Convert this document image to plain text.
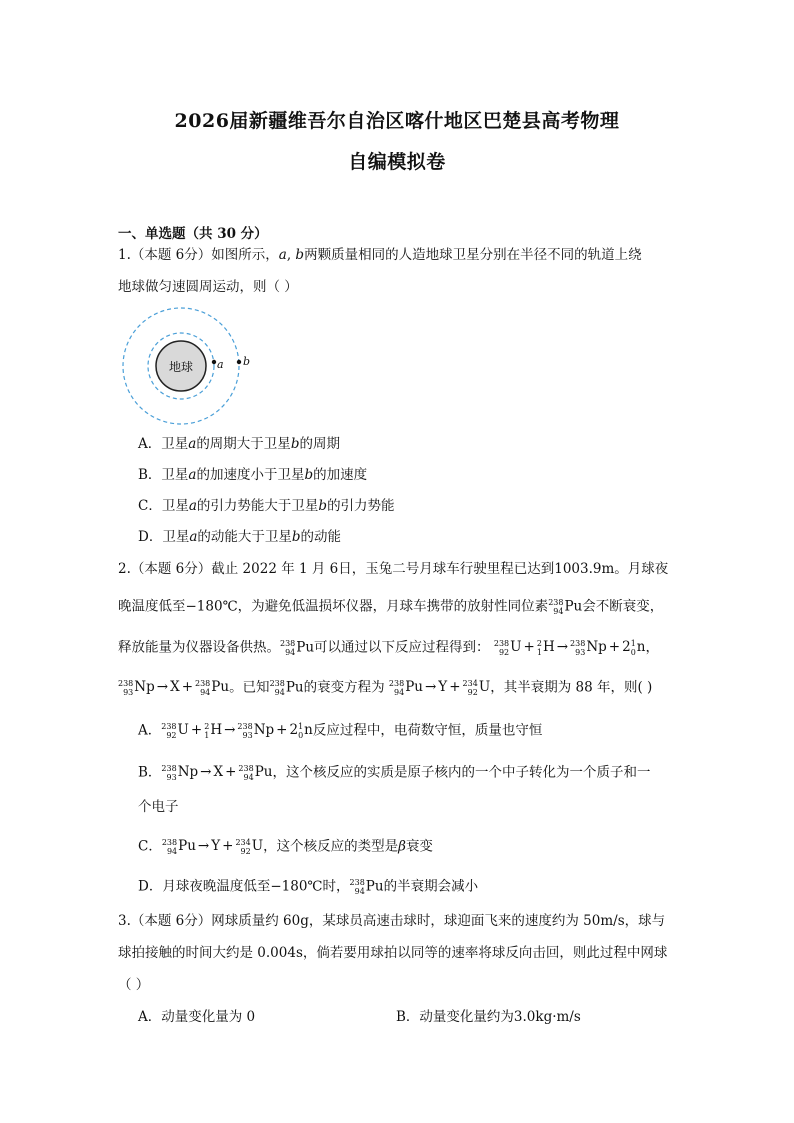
2026届新疆维吾尔自治区喀什地区巴楚县高考物理
自编模拟卷
一、单选题（共 30 分）
1.（本题 6分）如图所示，a, b两颗质量相同的人造地球卫星分别在半径不同的轨道上绕
地球做匀速圆周运动，则（ ）
地球 a b
A．卫星a的周期大于卫星b的周期
B．卫星a的加速度小于卫星b的加速度
C．卫星a的引力势能大于卫星b的引力势能
D．卫星a的动能大于卫星b的动能
2.（本题 6分）截止 2022 年 1 月 6日，玉兔二号月球车行驶里程已达到1003.9m。月球夜
晚温度低至−180℃，为避免低温损坏仪器，月球车携带的放射性同位素 238
94 Pu会不断衰变，
释放能量为仪器设备供热。 238
94 Pu可以通过以下反应过程得到： 238
92 U + 2
1 H → 238
93 Np + 2 1
0 n ，
238
93 Np → X + 238
94 Pu 。已知 238
94 Pu的衰变方程为 238
94 Pu → Y + 234
92 U ，其半衰期为 88 年，则( )
A． 238
92 U + 2
1 H → 238
93 Np + 2 1
0 n 反应过程中，电荷数守恒，质量也守恒
B． 238
93 Np → X + 238
94 Pu ，这个核反应的实质是原子核内的一个中子转化为一个质子和一
个电子
C． 238
94 Pu → Y + 234
92 U ，这个核反应的类型是β衰变
D．月球夜晚温度低至−180℃时， 238
94 Pu的半衰期会减小
3.（本题 6分）网球质量约 60g，某球员高速击球时，球迎面飞来的速度约为 50m/s，球与
球拍接触的时间大约是 0.004s，倘若要用球拍以同等的速率将球反向击回，则此过程中网球
（ ）
A．动量变化量为 0	B．动量变化量约为3.0kg·m/s
